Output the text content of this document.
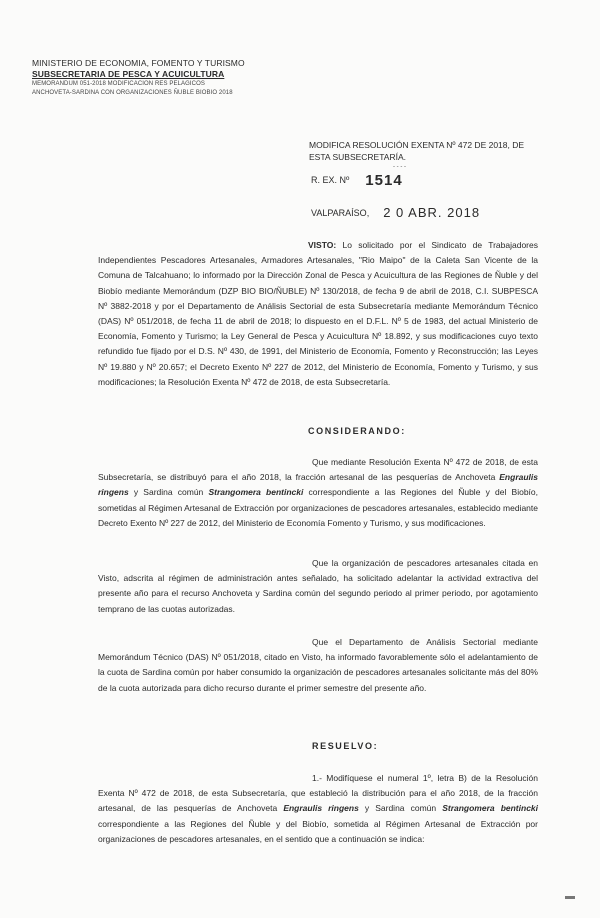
MINISTERIO DE ECONOMIA, FOMENTO Y TURISMO
SUBSECRETARIA DE PESCA Y ACUICULTURA
MEMORANDUM 051-2018 MODIFICACION RES PELAGICOS
ANCHOVETA-SARDINA CON ORGANIZACIONES ÑUBLE BIOBIO 2018
MODIFICA RESOLUCIÓN EXENTA Nº 472 DE 2018, DE
ESTA SUBSECRETARÍA.
- - - -
R. EX. Nº 1514
VALPARAÍSO, 2 0 ABR. 2018
VISTO: Lo solicitado por el Sindicato de Trabajadores Independientes Pescadores Artesanales, Armadores Artesanales, "Rio Maipo" de la Caleta San Vicente de la Comuna de Talcahuano; lo informado por la Dirección Zonal de Pesca y Acuicultura de las Regiones de Ñuble y del Biobío mediante Memorándum (DZP BIO BIO/ÑUBLE) Nº 130/2018, de fecha 9 de abril de 2018, C.I. SUBPESCA Nº 3882-2018 y por el Departamento de Análisis Sectorial de esta Subsecretaría mediante Memorándum Técnico (DAS) Nº 051/2018, de fecha 11 de abril de 2018; lo dispuesto en el D.F.L. Nº 5 de 1983, del actual Ministerio de Economía, Fomento y Turismo; la Ley General de Pesca y Acuicultura Nº 18.892, y sus modificaciones cuyo texto refundido fue fijado por el D.S. Nº 430, de 1991, del Ministerio de Economía, Fomento y Reconstrucción; las Leyes Nº 19.880 y Nº 20.657; el Decreto Exento Nº 227 de 2012, del Ministerio de Economía, Fomento y Turismo, y sus modificaciones; la Resolución Exenta Nº 472 de 2018, de esta Subsecretaría.
CONSIDERANDO:
Que mediante Resolución Exenta Nº 472 de 2018, de esta Subsecretaría, se distribuyó para el año 2018, la fracción artesanal de las pesquerías de Anchoveta Engraulis ringens y Sardina común Strangomera bentincki correspondiente a las Regiones del Ñuble y del Biobío, sometidas al Régimen Artesanal de Extracción por organizaciones de pescadores artesanales, establecido mediante Decreto Exento Nº 227 de 2012, del Ministerio de Economía Fomento y Turismo, y sus modificaciones.
Que la organización de pescadores artesanales citada en Visto, adscrita al régimen de administración antes señalado, ha solicitado adelantar la actividad extractiva del presente año para el recurso Anchoveta y Sardina común del segundo periodo al primer periodo, por agotamiento temprano de las cuotas autorizadas.
Que el Departamento de Análisis Sectorial mediante Memorándum Técnico (DAS) Nº 051/2018, citado en Visto, ha informado favorablemente sólo el adelantamiento de la cuota de Sardina común por haber consumido la organización de pescadores artesanales solicitante más del 80% de la cuota autorizada para dicho recurso durante el primer semestre del presente año.
RESUELVO:
1.- Modifíquese el numeral 1º, letra B) de la Resolución Exenta Nº 472 de 2018, de esta Subsecretaría, que estableció la distribución para el año 2018, de la fracción artesanal, de las pesquerías de Anchoveta Engraulis ringens y Sardina común Strangomera bentincki correspondiente a las Regiones del Ñuble y del Biobío, sometida al Régimen Artesanal de Extracción por organizaciones de pescadores artesanales, en el sentido que a continuación se indica:
